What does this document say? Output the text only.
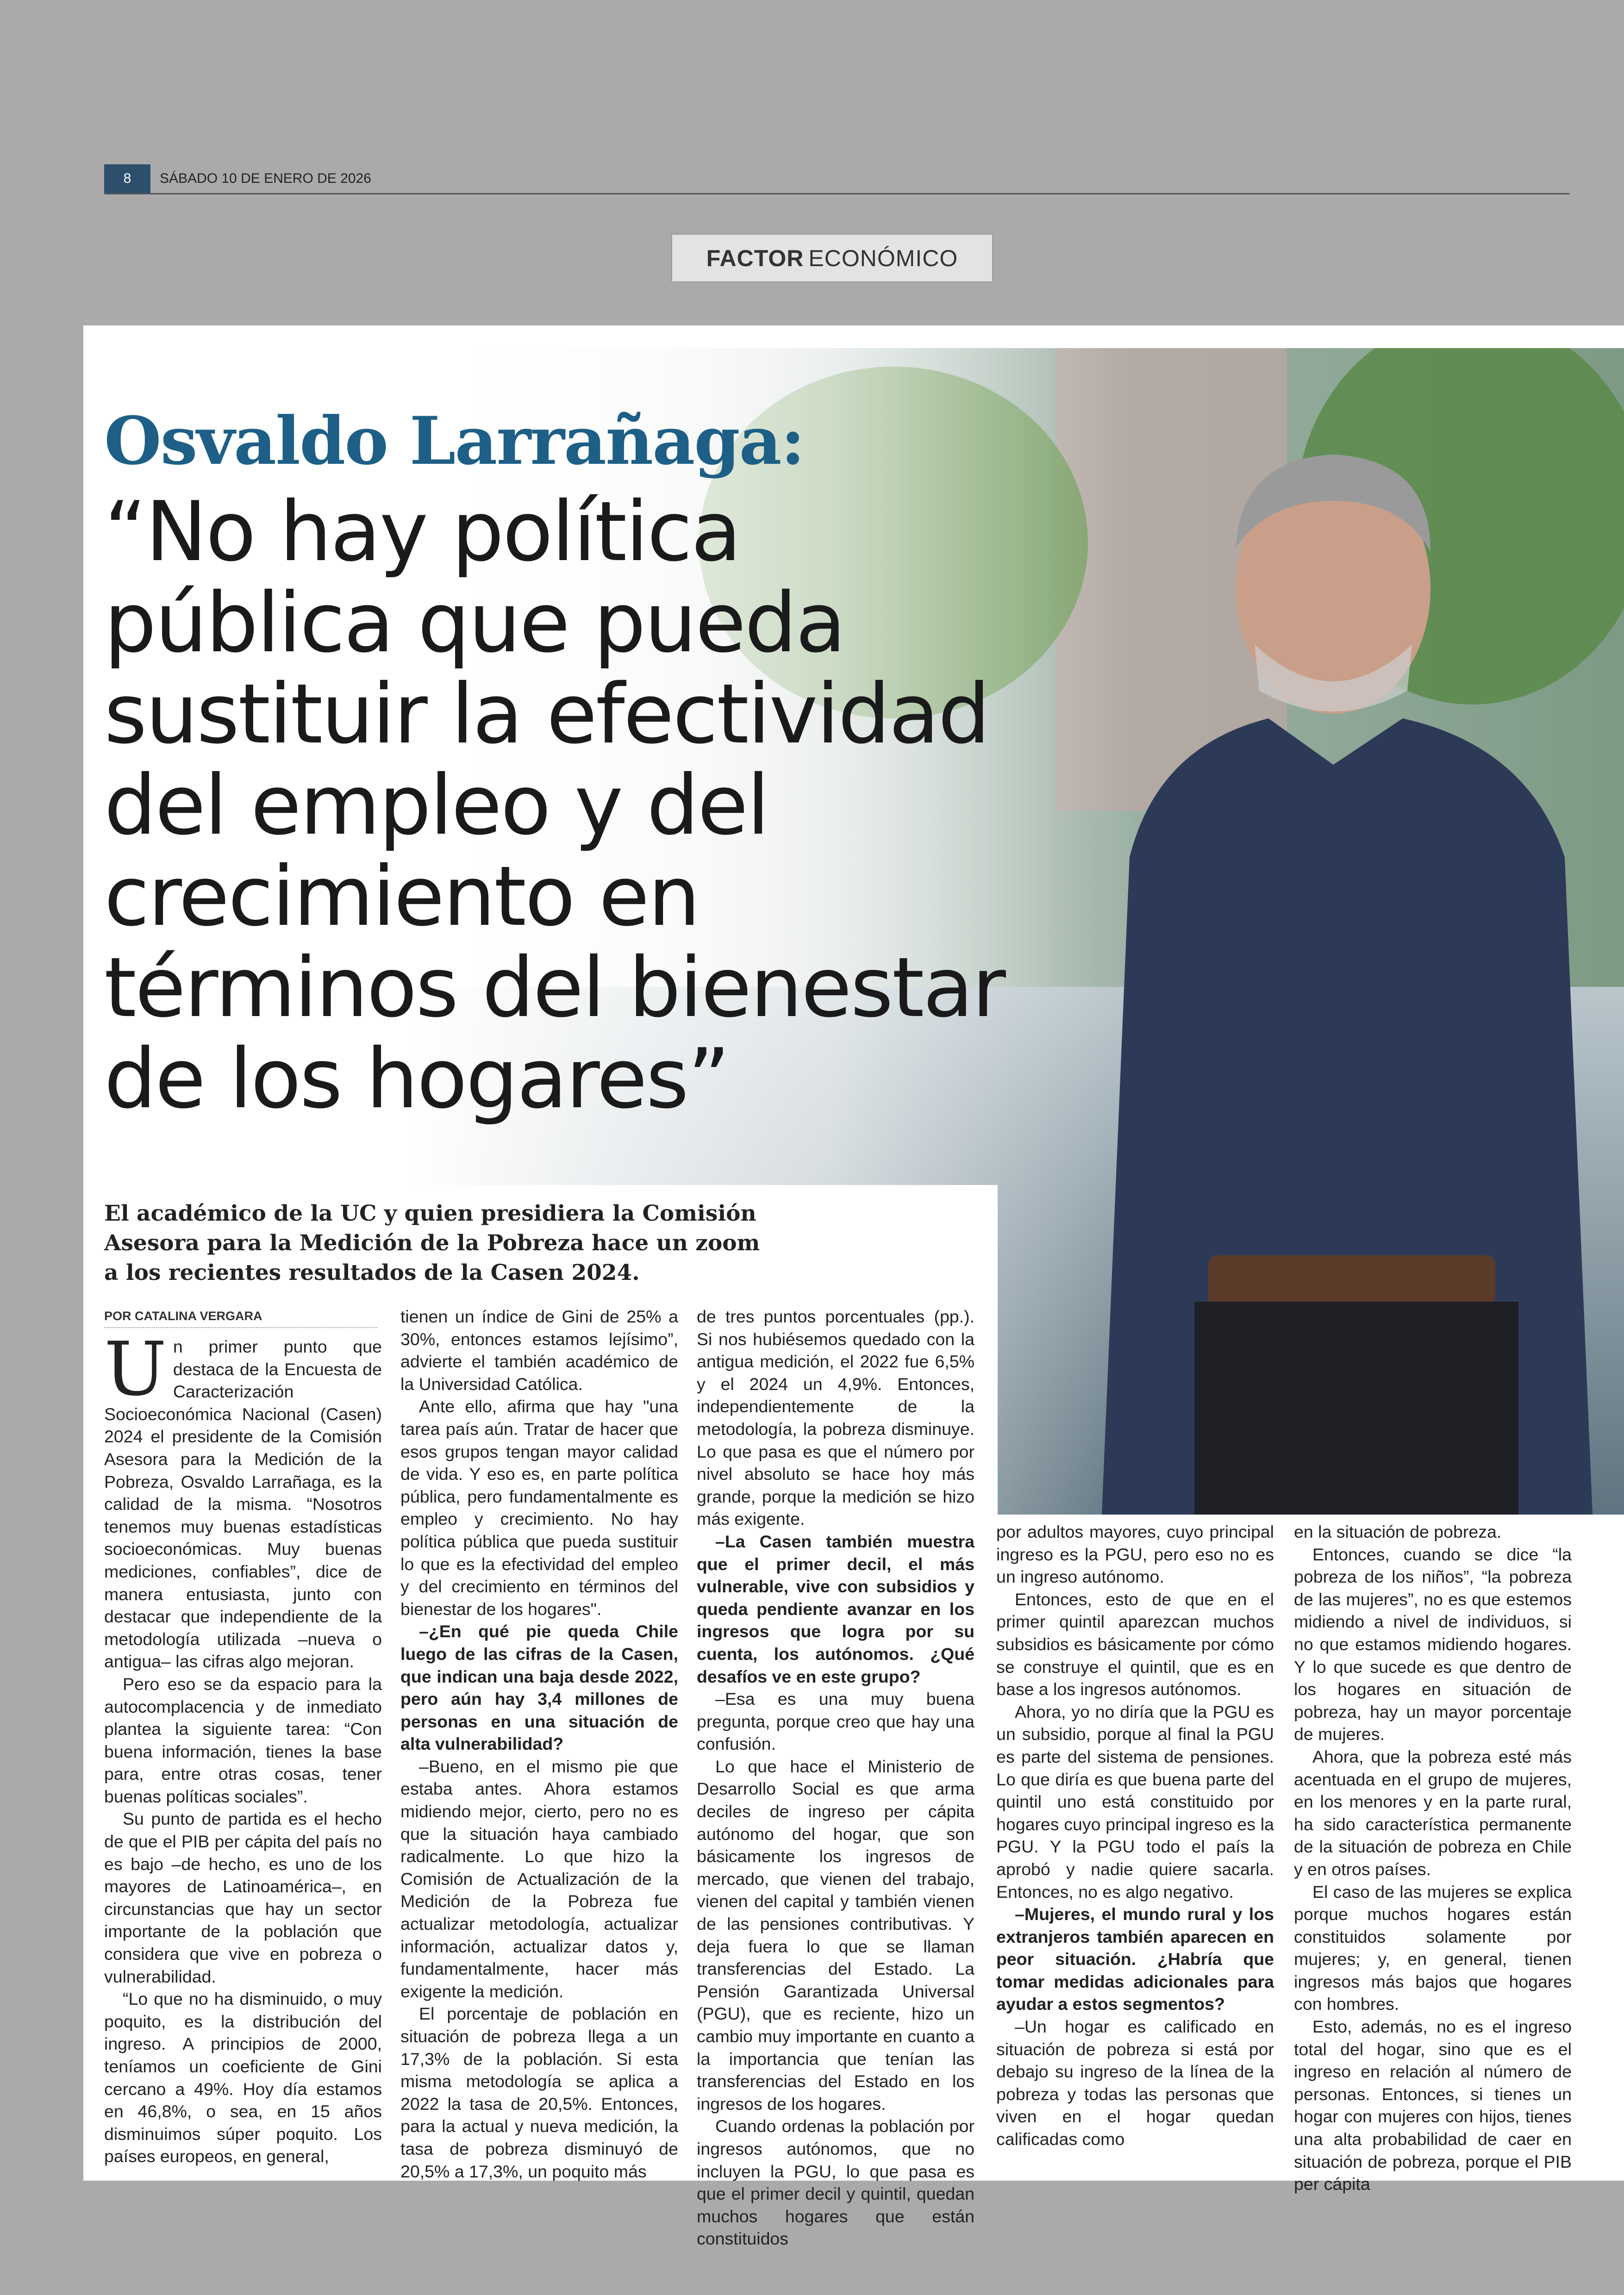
8	SÁBADO 10 DE ENERO DE 2026
FACTOR ECONÓMICO
Osvaldo Larrañaga:
“No hay política
pública que pueda
sustituir la efectividad
del empleo y del
crecimiento en
términos del bienestar
de los hogares”
El académico de la UC y quien presidiera la Comisión
Asesora para la Medición de la Pobreza hace un zoom
a los recientes resultados de la Casen 2024.
POR CATALINA VERGARA
U n primer punto que destaca de la Encuesta de Caracterización Socioeconómica Nacional (Casen) 2024 el presidente de la Comisión Asesora para la Medición de la Pobreza, Osvaldo Larrañaga, es la calidad de la misma. “Nosotros tenemos muy buenas estadísticas socioeconómicas. Muy buenas mediciones, confiables”, dice de manera entusiasta, junto con destacar que independiente de la metodología utilizada –nueva o antigua– las cifras algo mejoran.

Pero eso se da espacio para la autocomplacencia y de inmediato plantea la siguiente tarea: “Con buena información, tienes la base para, entre otras cosas, tener buenas políticas sociales”.

Su punto de partida es el hecho de que el PIB per cápita del país no es bajo –de hecho, es uno de los mayores de Latinoamérica–, en circunstancias que hay un sector importante de la población que considera que vive en pobreza o vulnerabilidad.

“Lo que no ha disminuido, o muy poquito, es la distribución del ingreso. A principios de 2000, teníamos un coeficiente de Gini cercano a 49%. Hoy día estamos en 46,8%, o sea, en 15 años disminuimos súper poquito. Los países europeos, en general,

tienen un índice de Gini de 25% a 30%, entonces estamos lejísimo”, advierte el también académico de la Universidad Católica.

Ante ello, afirma que hay "una tarea país aún. Tratar de hacer que esos grupos tengan mayor calidad de vida. Y eso es, en parte política pública, pero fundamentalmente es empleo y crecimiento. No hay política pública que pueda sustituir lo que es la efectividad del empleo y del crecimiento en términos del bienestar de los hogares".

–¿En qué pie queda Chile luego de las cifras de la Casen, que indican una baja desde 2022, pero aún hay 3,4 millones de personas en una situación de alta vulnerabilidad?

–Bueno, en el mismo pie que estaba antes. Ahora estamos midiendo mejor, cierto, pero no es que la situación haya cambiado radicalmente. Lo que hizo la Comisión de Actualización de la Medición de la Pobreza fue actualizar metodología, actualizar información, actualizar datos y, fundamentalmente, hacer más exigente la medición.

El porcentaje de población en situación de pobreza llega a un 17,3% de la población. Si esta misma metodología se aplica a 2022 la tasa de 20,5%. Entonces, para la actual y nueva medición, la tasa de pobreza disminuyó de 20,5% a 17,3%, un poquito más

de tres puntos porcentuales (pp.). Si nos hubiésemos quedado con la antigua medición, el 2022 fue 6,5% y el 2024 un 4,9%. Entonces, independientemente de la metodología, la pobreza disminuye. Lo que pasa es que el número por nivel absoluto se hace hoy más grande, porque la medición se hizo más exigente.

–La Casen también muestra que el primer decil, el más vulnerable, vive con subsidios y queda pendiente avanzar en los ingresos que logra por su cuenta, los autónomos. ¿Qué desafíos ve en este grupo?

–Esa es una muy buena pregunta, porque creo que hay una confusión.

Lo que hace el Ministerio de Desarrollo Social es que arma deciles de ingreso per cápita autónomo del hogar, que son básicamente los ingresos de mercado, que vienen del trabajo, vienen del capital y también vienen de las pensiones contributivas. Y deja fuera lo que se llaman transferencias del Estado. La Pensión Garantizada Universal (PGU), que es reciente, hizo un cambio muy importante en cuanto a la importancia que tenían las transferencias del Estado en los ingresos de los hogares.

Cuando ordenas la población por ingresos autónomos, que no incluyen la PGU, lo que pasa es que el primer decil y quintil, quedan muchos hogares que están constituidos

por adultos mayores, cuyo principal ingreso es la PGU, pero eso no es un ingreso autónomo.

Entonces, esto de que en el primer quintil aparezcan muchos subsidios es básicamente por cómo se construye el quintil, que es en base a los ingresos autónomos.

Ahora, yo no diría que la PGU es un subsidio, porque al final la PGU es parte del sistema de pensiones. Lo que diría es que buena parte del quintil uno está constituido por hogares cuyo principal ingreso es la PGU. Y la PGU todo el país la aprobó y nadie quiere sacarla. Entonces, no es algo negativo.

–Mujeres, el mundo rural y los extranjeros también aparecen en peor situación. ¿Habría que tomar medidas adicionales para ayudar a estos segmentos?

–Un hogar es calificado en situación de pobreza si está por debajo su ingreso de la línea de la pobreza y todas las personas que viven en el hogar quedan calificadas como

en la situación de pobreza.

Entonces, cuando se dice “la pobreza de los niños”, “la pobreza de las mujeres”, no es que estemos midiendo a nivel de individuos, si no que estamos midiendo hogares. Y lo que sucede es que dentro de los hogares en situación de pobreza, hay un mayor porcentaje de mujeres.

Ahora, que la pobreza esté más acentuada en el grupo de mujeres, en los menores y en la parte rural, ha sido característica permanente de la situación de pobreza en Chile y en otros países.

El caso de las mujeres se explica porque muchos hogares están constituidos solamente por mujeres; y, en general, tienen ingresos más bajos que hogares con hombres.

Esto, además, no es el ingreso total del hogar, sino que es el ingreso en relación al número de personas. Entonces, si tienes un hogar con mujeres con hijos, tienes una alta probabilidad de caer en situación de pobreza, porque el PIB per cápita
